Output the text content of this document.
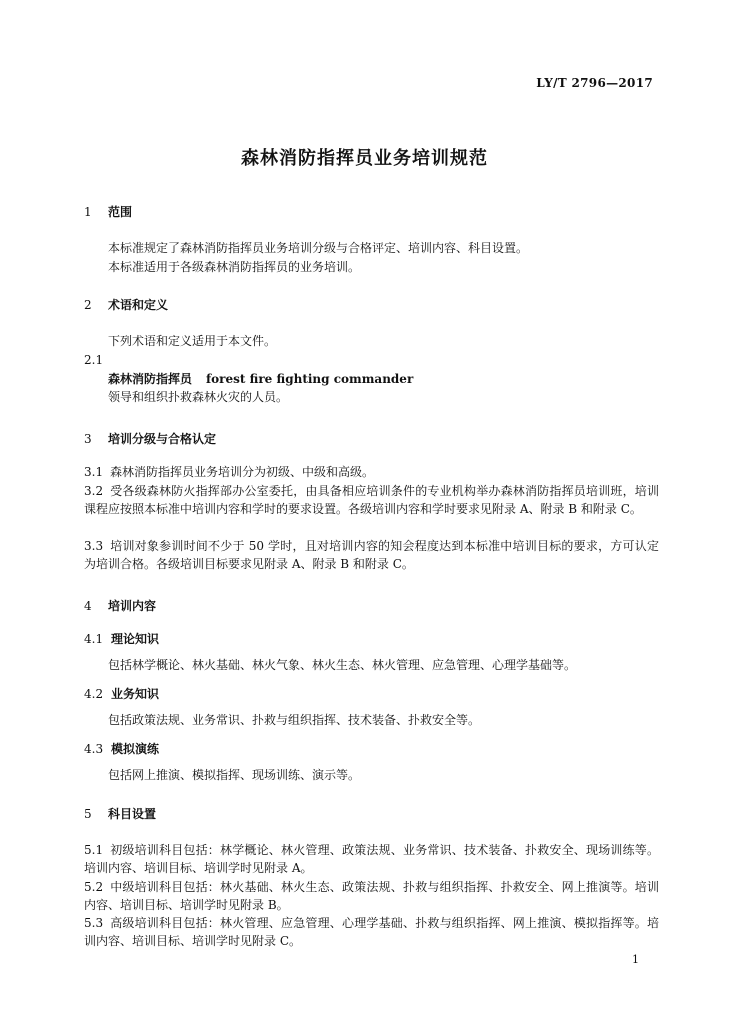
LY/T 2796—2017
森林消防指挥员业务培训规范
1 范围
本标准规定了森林消防指挥员业务培训分级与合格评定、培训内容、科目设置。
本标准适用于各级森林消防指挥员的业务培训。
2 术语和定义
下列术语和定义适用于本文件。
2.1
森林消防指挥员 forest fire fighting commander
领导和组织扑救森林火灾的人员。
3 培训分级与合格认定
3.1 森林消防指挥员业务培训分为初级、中级和高级。
3.2 受各级森林防火指挥部办公室委托，由具备相应培训条件的专业机构举办森林消防指挥员培训班，培训课程应按照本标准中培训内容和学时的要求设置。各级培训内容和学时要求见附录 A、附录 B 和附录 C。
3.3 培训对象参训时间不少于 50 学时，且对培训内容的知会程度达到本标准中培训目标的要求，方可认定为培训合格。各级培训目标要求见附录 A、附录 B 和附录 C。
4 培训内容
4.1 理论知识
包括林学概论、林火基础、林火气象、林火生态、林火管理、应急管理、心理学基础等。
4.2 业务知识
包括政策法规、业务常识、扑救与组织指挥、技术装备、扑救安全等。
4.3 模拟演练
包括网上推演、模拟指挥、现场训练、演示等。
5 科目设置
5.1 初级培训科目包括：林学概论、林火管理、政策法规、业务常识、技术装备、扑救安全、现场训练等。培训内容、培训目标、培训学时见附录 A。
5.2 中级培训科目包括：林火基础、林火生态、政策法规、扑救与组织指挥、扑救安全、网上推演等。培训内容、培训目标、培训学时见附录 B。
5.3 高级培训科目包括：林火管理、应急管理、心理学基础、扑救与组织指挥、网上推演、模拟指挥等。培训内容、培训目标、培训学时见附录 C。
1
